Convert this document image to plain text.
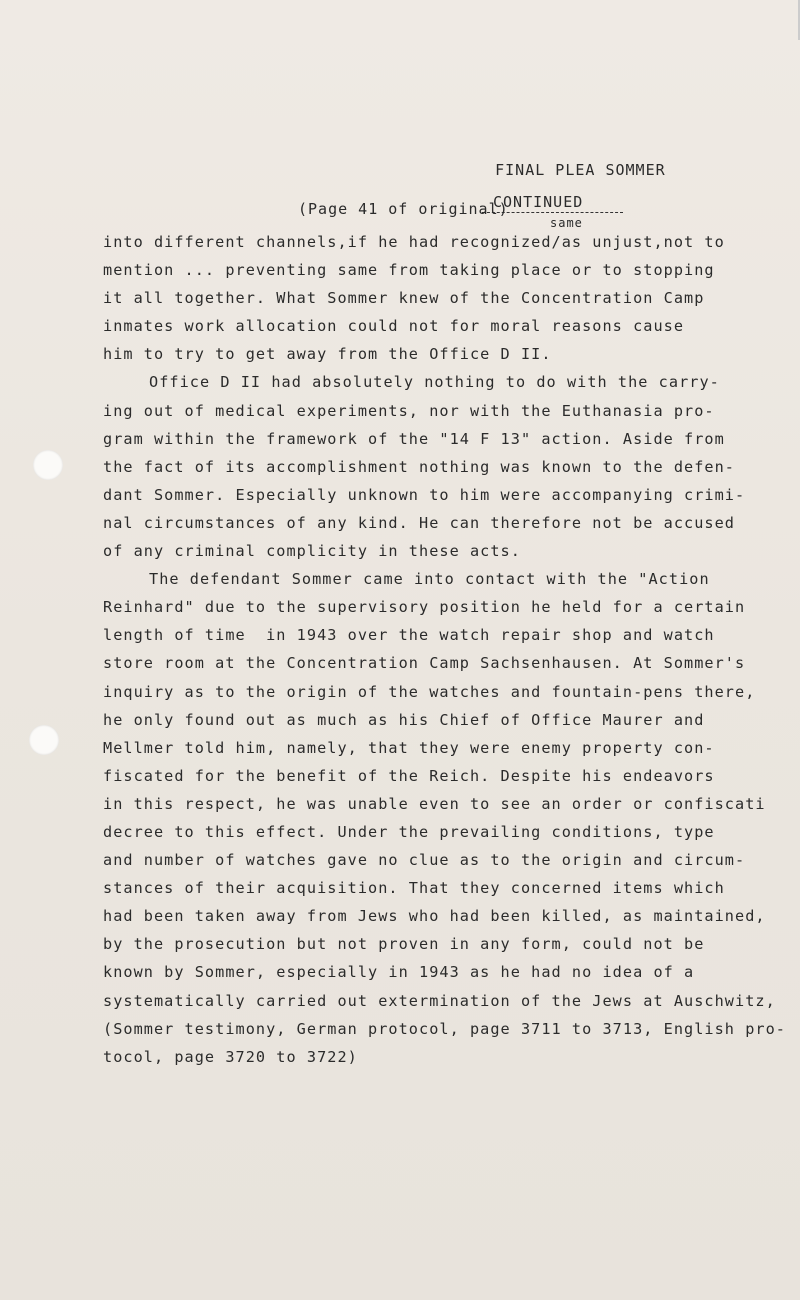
FINAL PLEA SOMMER

CONTINUED

(Page 41 of original)
same
into different channels,if he had recognized/as unjust,not to
mention ... preventing same from taking place or to stopping
it all together. What Sommer knew of the Concentration Camp
inmates work allocation could not for moral reasons cause
him to try to get away from the Office D II.
Office D II had absolutely nothing to do with the carry-
ing out of medical experiments, nor with the Euthanasia pro-
gram within the framework of the "14 F 13" action. Aside from
the fact of its accomplishment nothing was known to the defen-
dant Sommer. Especially unknown to him were accompanying crimi-
nal circumstances of any kind. He can therefore not be accused
of any criminal complicity in these acts.
The defendant Sommer came into contact with the "Action
Reinhard" due to the supervisory position he held for a certain
length of time  in 1943 over the watch repair shop and watch
store room at the Concentration Camp Sachsenhausen. At Sommer's
inquiry as to the origin of the watches and fountain-pens there,
he only found out as much as his Chief of Office Maurer and
Mellmer told him, namely, that they were enemy property con-
fiscated for the benefit of the Reich. Despite his endeavors
in this respect, he was unable even to see an order or confiscati
decree to this effect. Under the prevailing conditions, type
and number of watches gave no clue as to the origin and circum-
stances of their acquisition. That they concerned items which
had been taken away from Jews who had been killed, as maintained,
by the prosecution but not proven in any form, could not be
known by Sommer, especially in 1943 as he had no idea of a
systematically carried out extermination of the Jews at Auschwitz,
(Sommer testimony, German protocol, page 3711 to 3713, English pro-
tocol, page 3720 to 3722)
